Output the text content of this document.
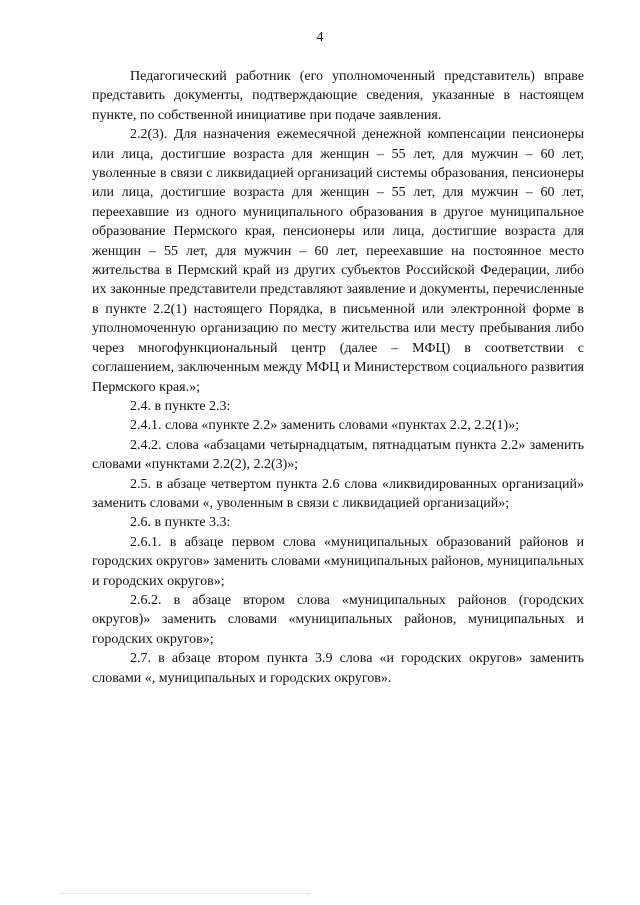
4

Педагогический работник (его уполномоченный представитель) вправе представить документы, подтверждающие сведения, указанные в настоящем пункте, по собственной инициативе при подаче заявления.

2.2(3). Для назначения ежемесячной денежной компенсации пенсионеры или лица, достигшие возраста для женщин – 55 лет, для мужчин – 60 лет, уволенные в связи с ликвидацией организаций системы образования, пенсионеры или лица, достигшие возраста для женщин – 55 лет, для мужчин – 60 лет, переехавшие из одного муниципального образования в другое муниципальное образование Пермского края, пенсионеры или лица, достигшие возраста для женщин – 55 лет, для мужчин – 60 лет, переехавшие на постоянное место жительства в Пермский край из других субъектов Российской Федерации, либо их законные представители представляют заявление и документы, перечисленные в пункте 2.2(1) настоящего Порядка, в письменной или электронной форме в уполномоченную организацию по месту жительства или месту пребывания либо через многофункциональный центр (далее – МФЦ) в соответствии с соглашением, заключенным между МФЦ и Министерством социального развития Пермского края.»;

2.4. в пункте 2.3:

2.4.1. слова «пункте 2.2» заменить словами «пунктах 2.2, 2.2(1)»;

2.4.2. слова «абзацами четырнадцатым, пятнадцатым пункта 2.2» заменить словами «пунктами 2.2(2), 2.2(3)»;

2.5. в абзаце четвертом пункта 2.6 слова «ликвидированных организаций» заменить словами «, уволенным в связи с ликвидацией организаций»;

2.6. в пункте 3.3:

2.6.1. в абзаце первом слова «муниципальных образований районов и городских округов» заменить словами «муниципальных районов, муниципальных и городских округов»;

2.6.2. в абзаце втором слова «муниципальных районов (городских округов)» заменить словами «муниципальных районов, муниципальных и городских округов»;

2.7. в абзаце втором пункта 3.9 слова «и городских округов» заменить словами «, муниципальных и городских округов».
